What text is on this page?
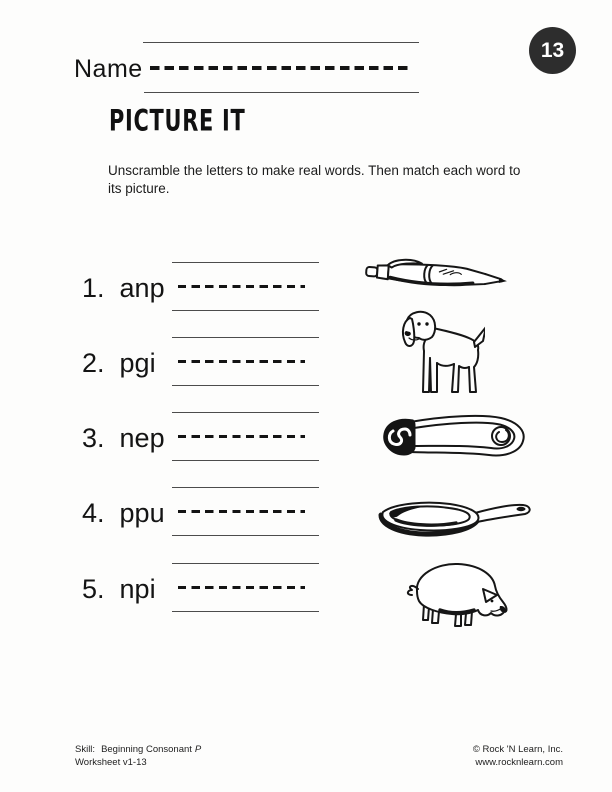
13
Name
PICTURE IT

Unscramble the letters to make real words. Then match each word to
its picture.

1. anp
2. pgi
3. nep
4. ppu
5. npi
Skill: Beginning Consonant P
Worksheet v1-13
© Rock 'N Learn, Inc.
www.rocknlearn.com
